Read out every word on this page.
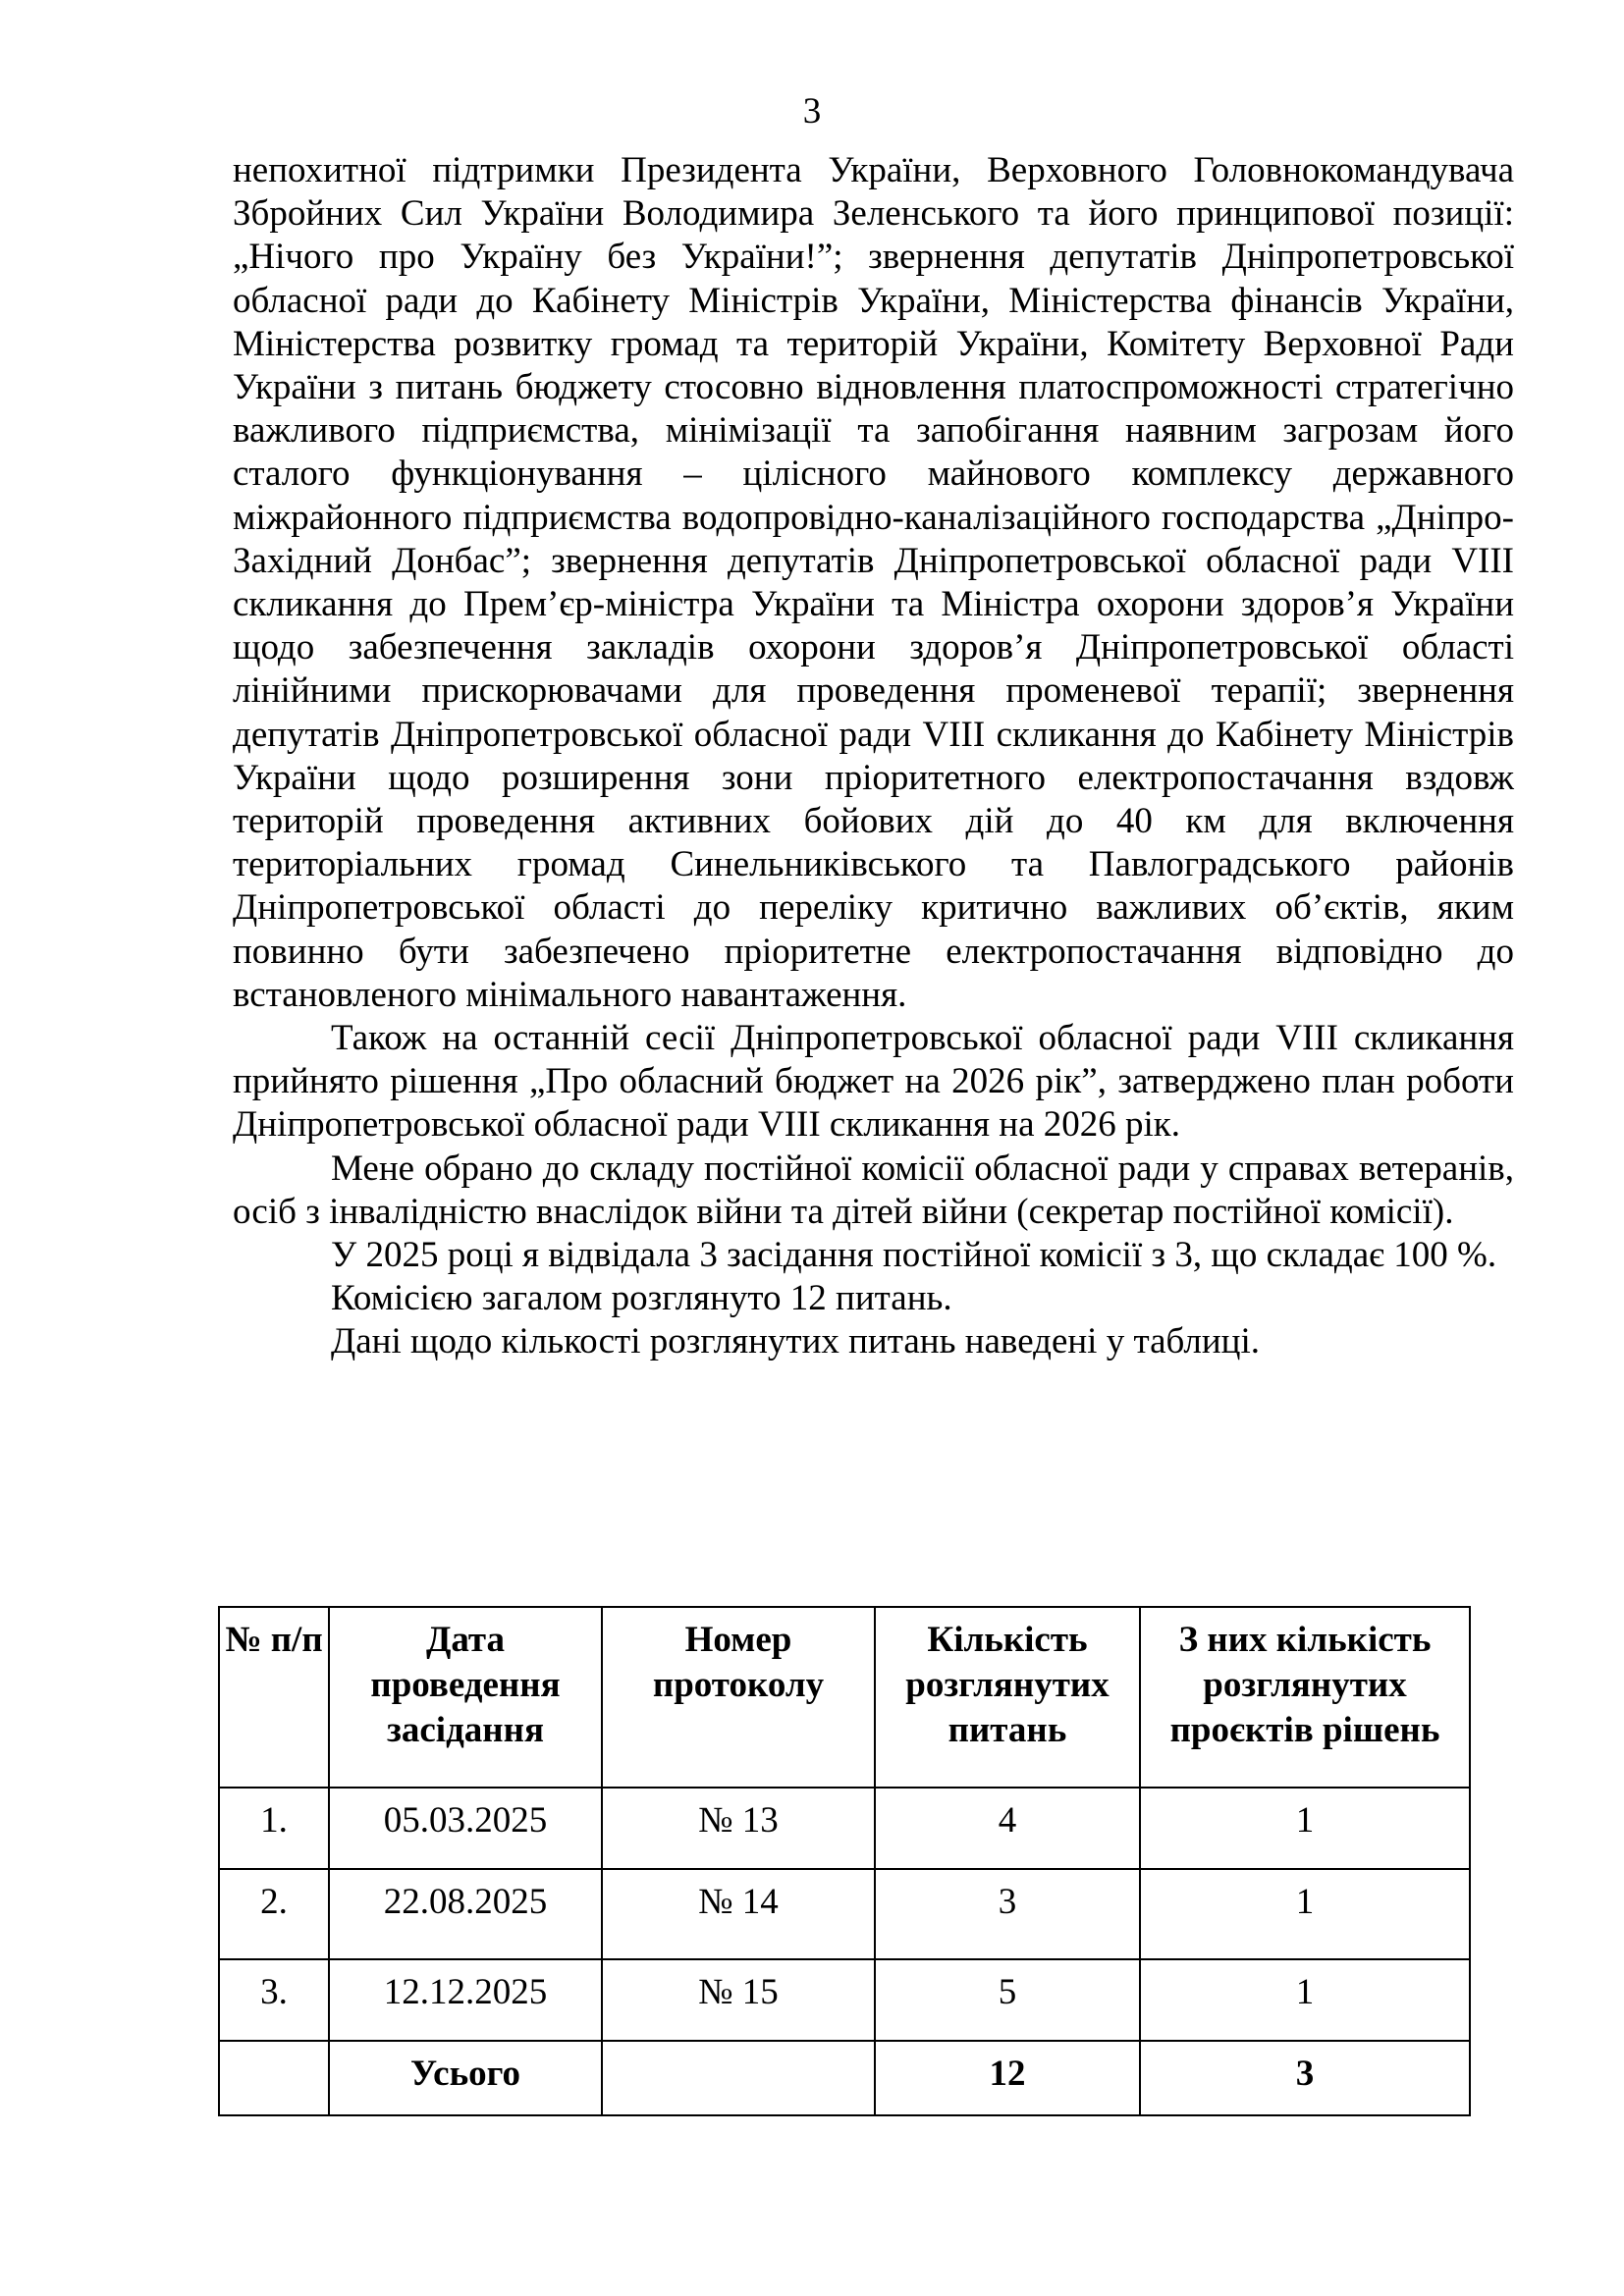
3

непохитної підтримки Президента України, Верховного Головнокомандувача Збройних Сил України Володимира Зеленського та його принципової позиції: „Нічого про Україну без України!”; звернення депутатів Дніпропетровської обласної ради до Кабінету Міністрів України, Міністерства фінансів України, Міністерства розвитку громад та територій України, Комітету Верховної Ради України з питань бюджету стосовно відновлення платоспроможності стратегічно важливого підприємства, мінімізації та запобігання наявним загрозам його сталого функціонування – цілісного майнового комплексу державного міжрайонного підприємства водопровідно-каналізаційного господарства „Дніпро-Західний Донбас”; звернення депутатів Дніпропетровської обласної ради VIII скликання до Прем’єр-міністра України та Міністра охорони здоров’я України щодо забезпечення закладів охорони здоров’я Дніпропетровської області лінійними прискорювачами для проведення променевої терапії; звернення депутатів Дніпропетровської обласної ради VIII скликання до Кабінету Міністрів України щодо розширення зони пріоритетного електропостачання вздовж територій проведення активних бойових дій до 40 км для включення територіальних громад Синельниківського та Павлоградського районів Дніпропетровської області до переліку критично важливих об’єктів, яким повинно бути забезпечено пріоритетне електропостачання відповідно до встановленого мінімального навантаження.

Також на останній сесії Дніпропетровської обласної ради VIII скликання прийнято рішення „Про обласний бюджет на 2026 рік”, затверджено план роботи Дніпропетровської обласної ради VIII скликання на 2026 рік.

Мене обрано до складу постійної комісії обласної ради у справах ветеранів, осіб з інвалідністю внаслідок війни та дітей війни (секретар постійної комісії).

У 2025 році я відвідала 3 засідання постійної комісії з 3, що складає 100 %.

Комісією загалом розглянуто 12 питань.

Дані щодо кількості розглянутих питань наведені у таблиці.

№ п/п	Дата проведення засідання	Номер протоколу	Кількість розглянутих питань	З них кількість розглянутих проєктів рішень
1.	05.03.2025	№ 13	4	1
2.	22.08.2025	№ 14	3	1
3.	12.12.2025	№ 15	5	1
	Усього		12	3
